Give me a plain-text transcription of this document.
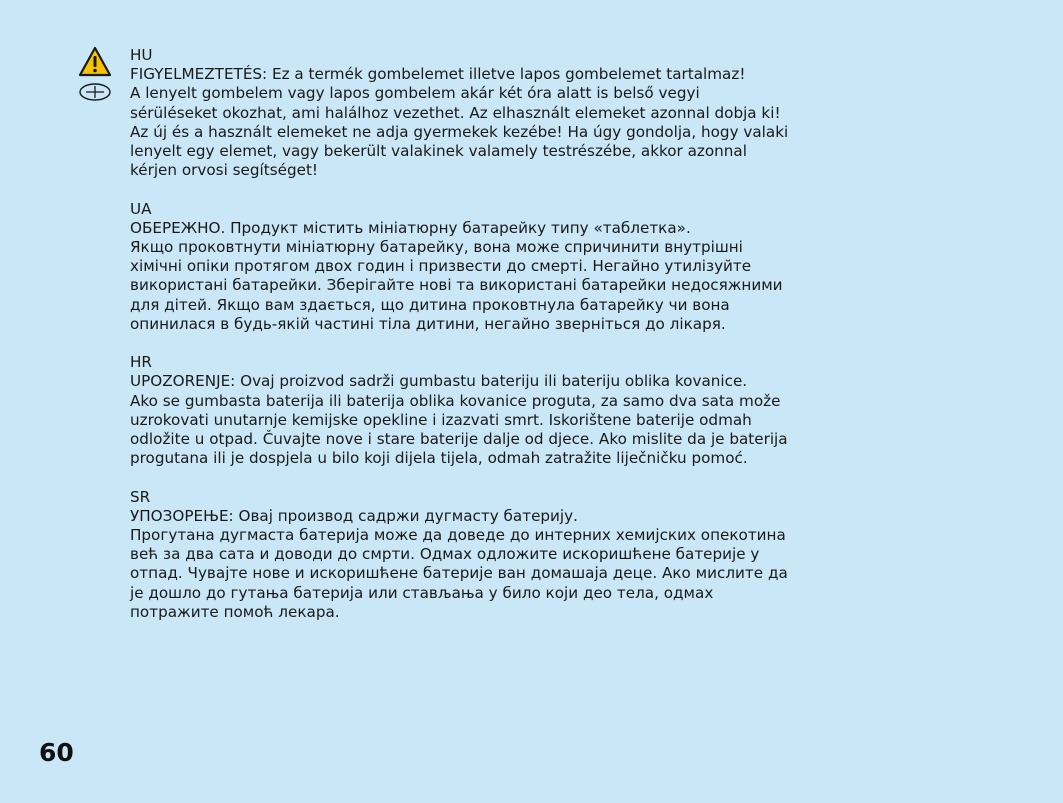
HU

FIGYELMEZTETÉS: Ez a termék gombelemet illetve lapos gombelemet tartalmaz!

A lenyelt gombelem vagy lapos gombelem akár két óra alatt is belső vegyi sérüléseket okozhat, ami halálhoz vezethet. Az elhasznált elemeket azonnal dobja ki! Az új és a használt elemeket ne adja gyermekek kezébe! Ha úgy gondolja, hogy valaki lenyelt egy elemet, vagy bekerült valakinek valamely testrészébe, akkor azonnal kérjen orvosi segítséget!

UA

ОБЕРЕЖНО. Продукт містить мініатюрну батарейку типу «таблетка».

Якщо проковтнути мініатюрну батарейку, вона може спричинити внутрішні хімічні опіки протягом двох годин і призвести до смерті. Негайно утилізуйте використані батарейки. Зберігайте нові та використані батарейки недосяжними для дітей. Якщо вам здається, що дитина проковтнула батарейку чи вона опинилася в будь-якій частині тіла дитини, негайно зверніться до лікаря.

HR

UPOZORENJE: Ovaj proizvod sadrži gumbastu bateriju ili bateriju oblika kovanice.

Ako se gumbasta baterija ili baterija oblika kovanice proguta, za samo dva sata može uzrokovati unutarnje kemijske opekline i izazvati smrt. Iskorištene baterije odmah odložite u otpad. Čuvajte nove i stare baterije dalje od djece. Ako mislite da je baterija progutana ili je dospjela u bilo koji dijela tijela, odmah zatražite liječničku pomoć.

SR

УПОЗОРЕЊЕ: Овај производ садржи дугмасту батерију.

Прогутана дугмаста батерија може да доведе до интерних хемијских опекотина већ за два сата и доводи до смрти. Одмах одложите искоришћене батерије у отпад. Чувајте нове и искоришћене батерије ван домашаја деце. Ако мислите да је дошло до гутања батерија или стављања у било који део тела, одмах потражите помоћ лекара.

60
